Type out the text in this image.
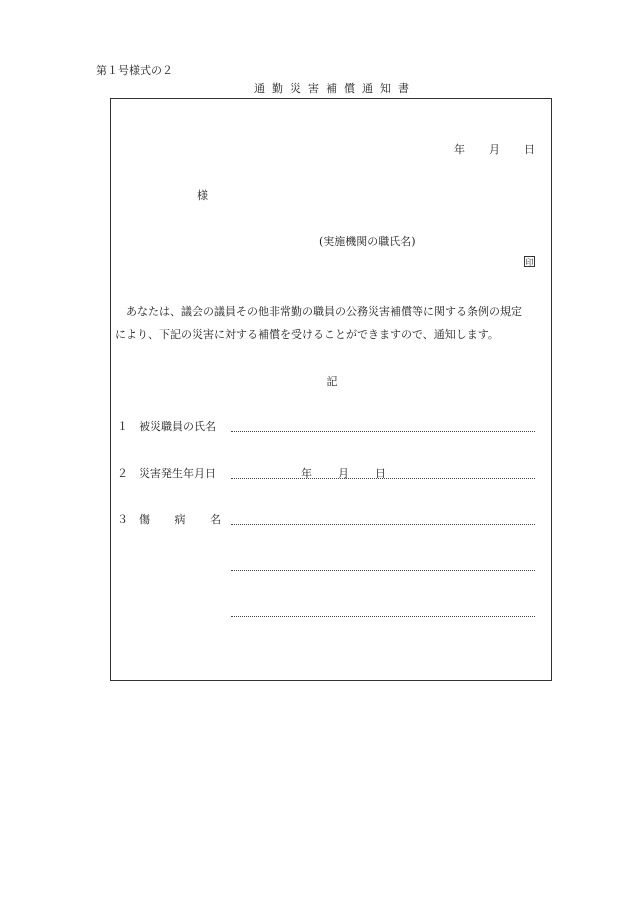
第１号様式の２
通勤災害補償通知書
年 月 日
様
(実施機関の職氏名)
印
あなたは、議会の議員その他非常勤の職員の公務災害補償等に関する条例の規定
により、下記の災害に対する補償を受けることができますので、通知します。
記
１	被災職員の氏名
２	災害発生年月日	年 月 日
３	傷 病 名
